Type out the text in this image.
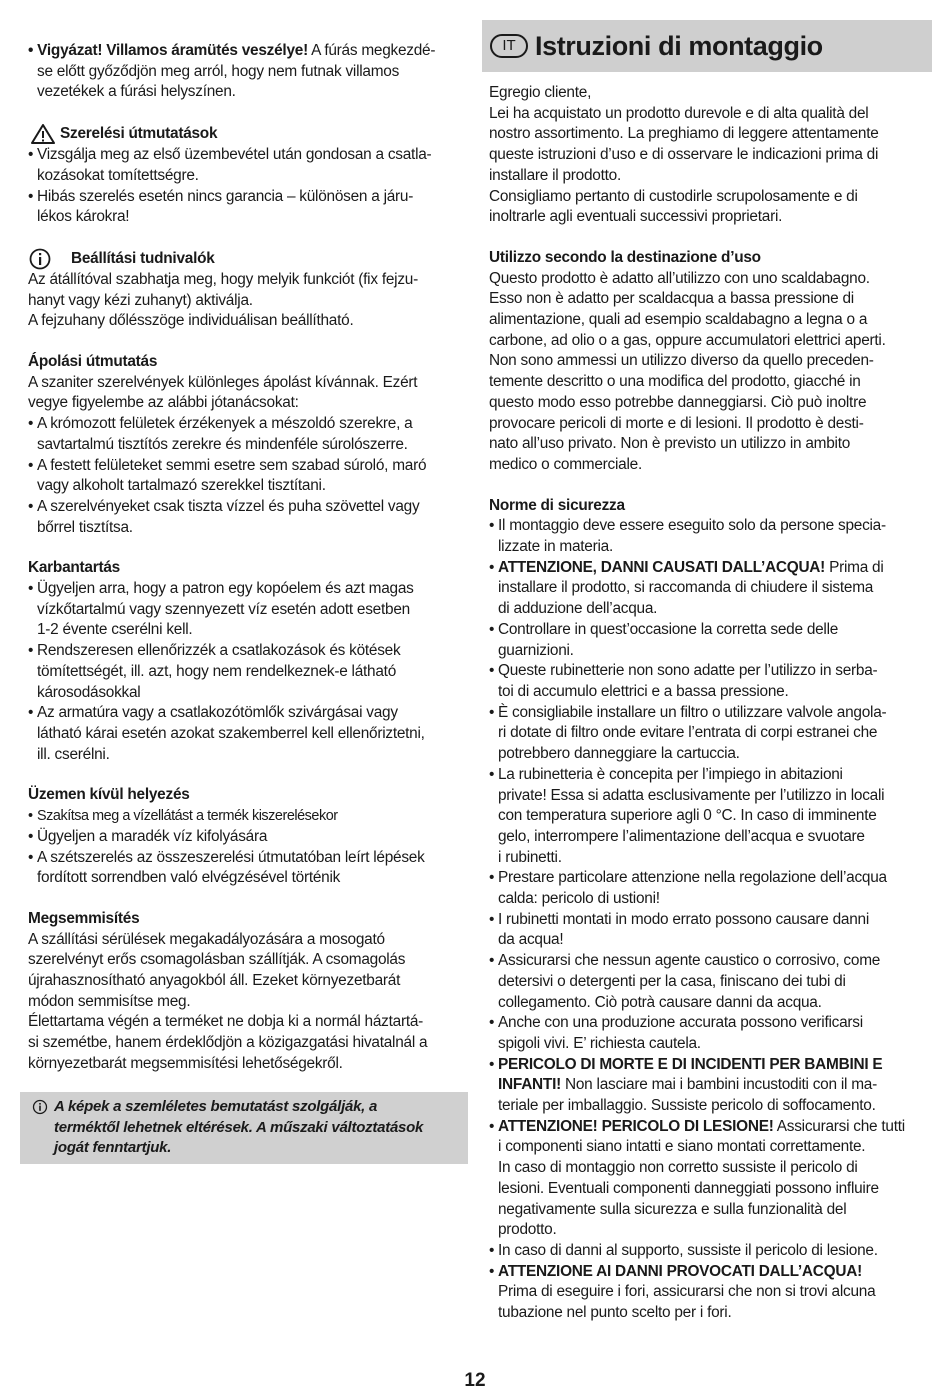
• Vigyázat! Villamos áramütés veszélye! A fúrás megkezdé-

se előtt győződjön meg arról, hogy nem futnak villamos

vezetékek a fúrási helyszínen.

Szerelési útmutatások
• Vizsgálja meg az első üzembevétel után gondosan a csatla-

kozásokat tomítettségre.

• Hibás szerelés esetén nincs garancia – különösen a járu-

lékos károkra!

Beállítási tudnivalók

Az átállítóval szabhatja meg, hogy melyik funkciót (fix fejzu-

hanyt vagy kézi zuhanyt) aktiválja.

A fejzuhany dőlésszöge individuálisan beállítható.

Ápolási útmutatás

A szaniter szerelvények különleges ápolást kívánnak. Ezért

vegye figyelembe az alábbi jótanácsokat:

• A krómozott felületek érzékenyek a mészoldó szerekre, a

savtartalmú tisztítós zerekre és mindenféle súrolószerre.

• A festett felületeket semmi esetre sem szabad súroló, maró

vagy alkoholt tartalmazó szerekkel tisztítani.

• A szerelvényeket csak tiszta vízzel és puha szövettel vagy

bőrrel tisztítsa.

Karbantartás

• Ügyeljen arra, hogy a patron egy kopóelem és azt magas

vízkőtartalmú vagy szennyezett víz esetén adott esetben

1-2 évente cserélni kell.

• Rendszeresen ellenőrizzék a csatlakozások és kötések

tömítettségét, ill. azt, hogy nem rendelkeznek-e látható

károsodásokkal

• Az armatúra vagy a csatlakozótömlők szivárgásai vagy

látható kárai esetén azokat szakemberrel kell ellenőriztetni,

ill. cserélni.

Üzemen kívül helyezés

• Szakítsa meg a vízellátást a termék kiszerelésekor

• Ügyeljen a maradék víz kifolyására

• A szétszerelés az összeszerelési útmutatóban leírt lépések

fordított sorrendben való elvégzésével történik

Megsemmisítés

A szállítási sérülések megakadályozására a mosogató

szerelvényt erős csomagolásban szállítják. A csomagolás

újrahasznosítható anyagokból áll. Ezeket környezetbarát

módon semmisítse meg.

Élettartama végén a terméket ne dobja ki a normál háztartá-

si szemétbe, hanem érdeklődjön a közigazgatási hivatalnál a

környezetbarát megsemmisítési lehetőségekről.

A képek a szemléletes bemutatást szolgálják, a

terméktől lehetnek eltérések. A műszaki változtatások

jogát fenntartjuk.

IT Istruzioni di montaggio

Egregio cliente,

Lei ha acquistato un prodotto durevole e di alta qualità del

nostro assortimento. La preghiamo di leggere attentamente

queste istruzioni d’uso e di osservare le indicazioni prima di

installare il prodotto.

Consigliamo pertanto di custodirle scrupolosamente e di

inoltrarle agli eventuali successivi proprietari.

Utilizzo secondo la destinazione d’uso

Questo prodotto è adatto all’utilizzo con uno scaldabagno.

Esso non è adatto per scaldacqua a bassa pressione di

alimentazione, quali ad esempio scaldabagno a legna o a

carbone, ad olio o a gas, oppure accumulatori elettrici aperti.

Non sono ammessi un utilizzo diverso da quello preceden-

temente descritto o una modifica del prodotto, giacché in

questo modo esso potrebbe danneggiarsi. Ciò può inoltre

provocare pericoli di morte e di lesioni. Il prodotto è desti-

nato all’uso privato. Non è previsto un utilizzo in ambito

medico o commerciale.

Norme di sicurezza

• Il montaggio deve essere eseguito solo da persone specia-

lizzate in materia.

• ATTENZIONE, DANNI CAUSATI DALL’ACQUA! Prima di

installare il prodotto, si raccomanda di chiudere il sistema

di adduzione dell’acqua.

• Controllare in quest’occasione la corretta sede delle

guarnizioni.

• Queste rubinetterie non sono adatte per l’utilizzo in serba-

toi di accumulo elettrici e a bassa pressione.

• È consigliabile installare un filtro o utilizzare valvole angola-

ri dotate di filtro onde evitare l’entrata di corpi estranei che

potrebbero danneggiare la cartuccia.

• La rubinetteria è concepita per l’impiego in abitazioni

private! Essa si adatta esclusivamente per l’utilizzo in locali

con temperatura superiore agli 0 °C. In caso di imminente

gelo, interrompere l’alimentazione dell’acqua e svuotare

i rubinetti.

• Prestare particolare attenzione nella regolazione dell’acqua

calda: pericolo di ustioni!

• I rubinetti montati in modo errato possono causare danni

da acqua!

• Assicurarsi che nessun agente caustico o corrosivo, come

detersivi o detergenti per la casa, finiscano dei tubi di

collegamento. Ciò potrà causare danni da acqua.

• Anche con una produzione accurata possono verificarsi

spigoli vivi. E’ richiesta cautela.

• PERICOLO DI MORTE E DI INCIDENTI PER BAMBINI E

INFANTI! Non lasciare mai i bambini incustoditi con il ma-

teriale per imballaggio. Sussiste pericolo di soffocamento.

• ATTENZIONE! PERICOLO DI LESIONE! Assicurarsi che tutti

i componenti siano intatti e siano montati correttamente.

In caso di montaggio non corretto sussiste il pericolo di

lesioni. Eventuali componenti danneggiati possono influire

negativamente sulla sicurezza e sulla funzionalità del

prodotto.

• In caso di danni al supporto, sussiste il pericolo di lesione.

• ATTENZIONE AI DANNI PROVOCATI DALL’ACQUA!

Prima di eseguire i fori, assicurarsi che non si trovi alcuna

tubazione nel punto scelto per i fori.

12
